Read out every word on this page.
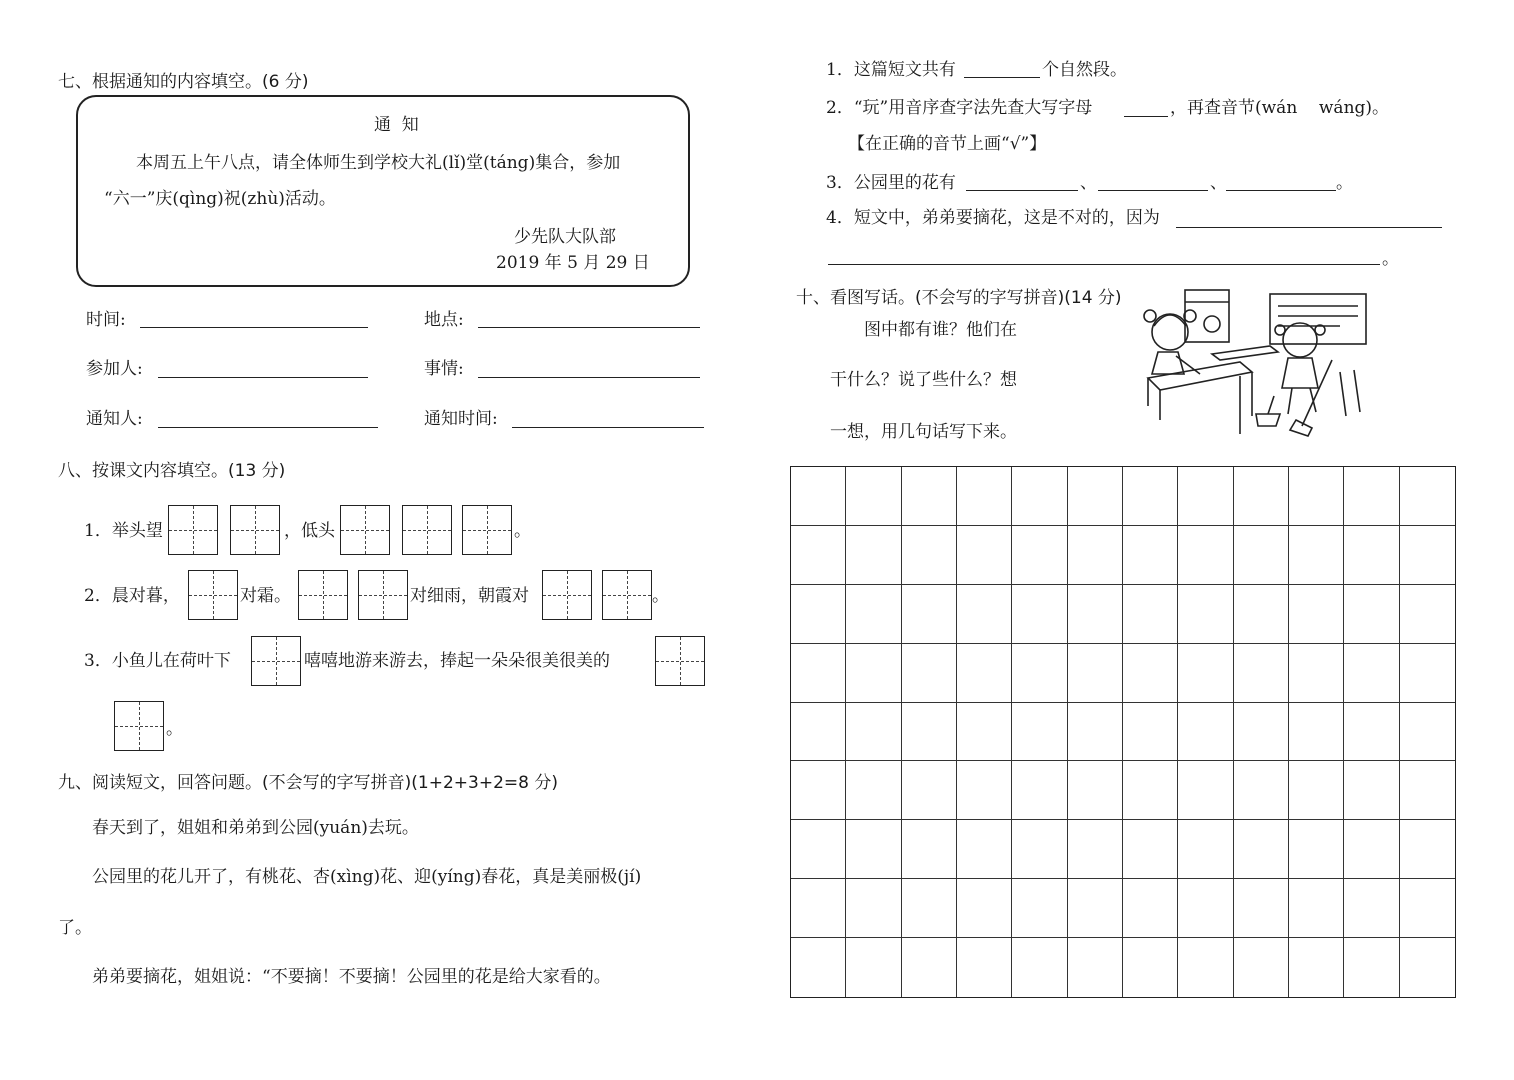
七、根据通知的内容填空。(6 分)
通  知
本周五上午八点，请全体师生到学校大礼(lǐ)堂(táng)集合，参加
“六一”庆(qìng)祝(zhù)活动。
少先队大队部
2019 年 5 月 29 日
时间:	地点:
参加人:	事情:
通知人:	通知时间:
八、按课文内容填空。(13 分)
1．举头望	，低头	。
2．晨对暮，	对霜。	对细雨，朝霞对	。
3．小鱼儿在荷叶下	嘻嘻地游来游去，捧起一朵朵很美很美的
。
九、阅读短文，回答问题。(不会写的字写拼音)(1+2+3+2=8 分)
春天到了，姐姐和弟弟到公园(yuán)去玩。
公园里的花儿开了，有桃花、杏(xìng)花、迎(yíng)春花，真是美丽极(jí)
了。
弟弟要摘花，姐姐说：“不要摘！不要摘！公园里的花是给大家看的。
1．这篇短文共有	个自然段。
2．“玩”用音序查字法先查大写字母	，再查音节(wán    wáng)。
【在正确的音节上画“√”】
3．公园里的花有	、	、	。
4．短文中，弟弟要摘花，这是不对的，因为
。
十、看图写话。(不会写的字写拼音)(14 分)
图中都有谁？他们在
干什么？说了些什么？想
一想，用几句话写下来。
